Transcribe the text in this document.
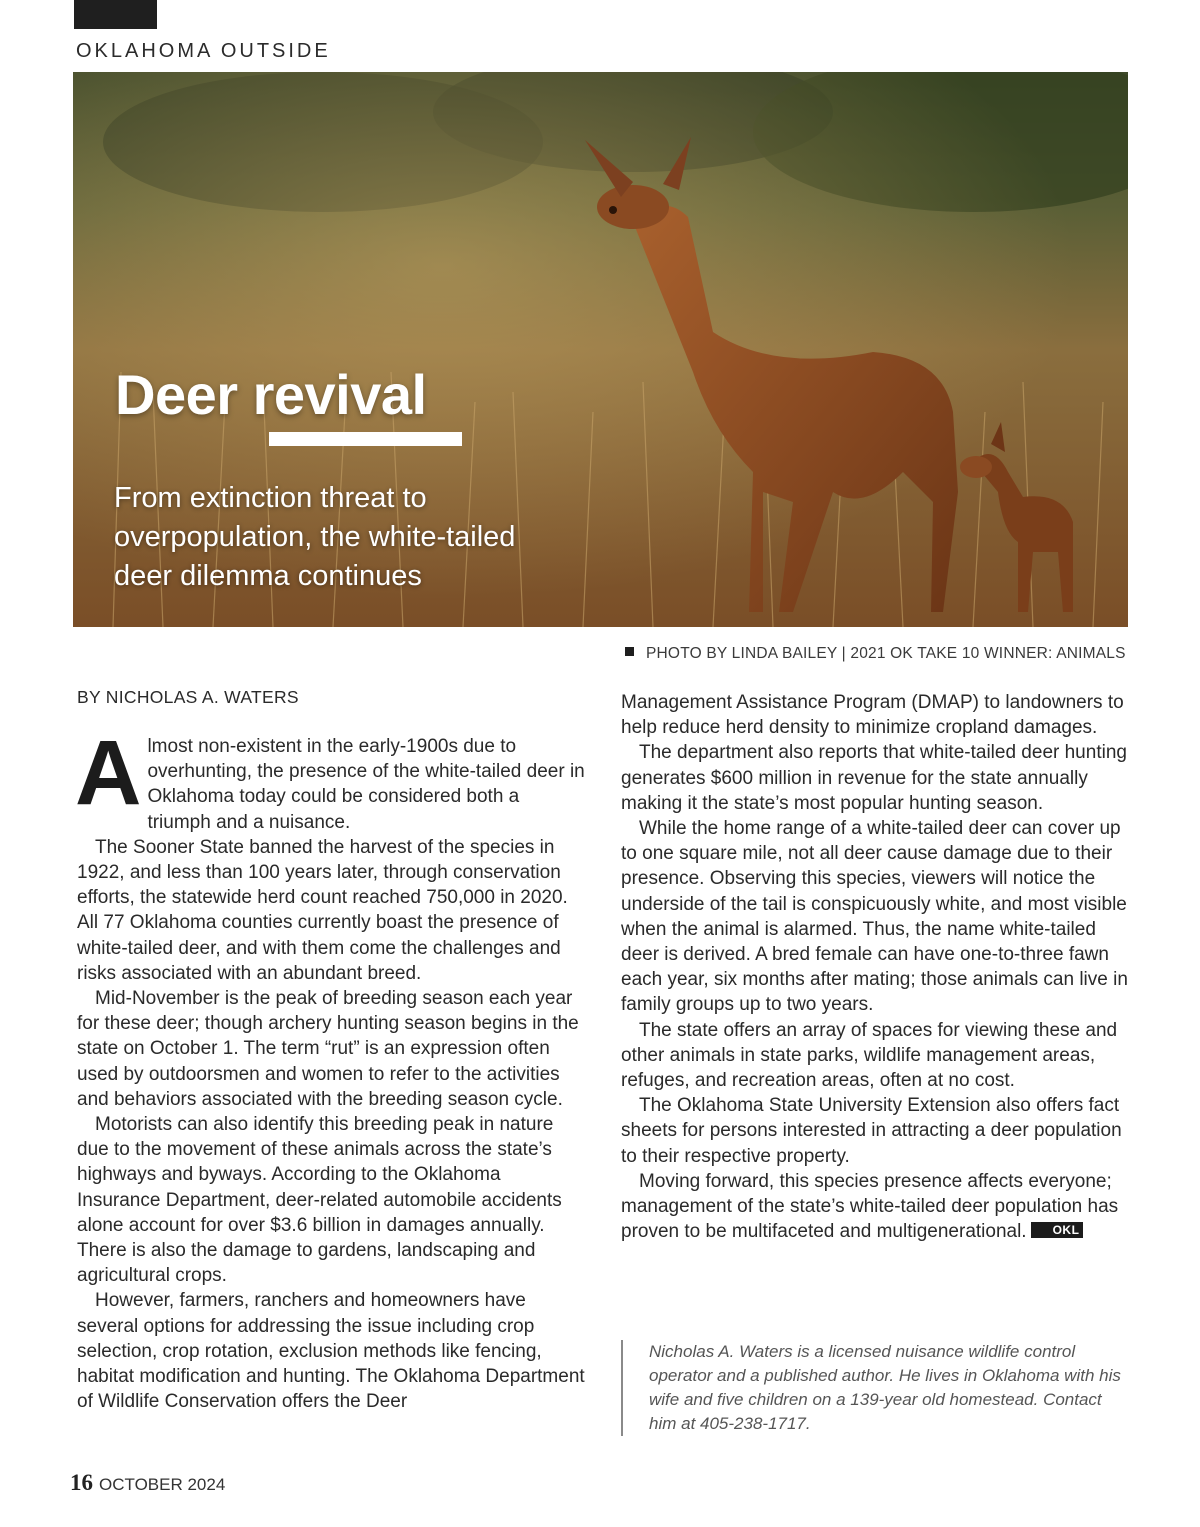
OKLAHOMA OUTSIDE
Deer revival
From extinction threat to overpopulation, the white-tailed deer dilemma continues
PHOTO BY LINDA BAILEY | 2021 OK TAKE 10 WINNER: ANIMALS
BY NICHOLAS A. WATERS

Almost non-existent in the early-1900s due to overhunting, the presence of the white-tailed deer in Oklahoma today could be considered both a triumph and a nuisance.

The Sooner State banned the harvest of the species in 1922, and less than 100 years later, through conservation efforts, the statewide herd count reached 750,000 in 2020. All 77 Oklahoma counties currently boast the presence of white-tailed deer, and with them come the challenges and risks associated with an abundant breed.

Mid-November is the peak of breeding season each year for these deer; though archery hunting season begins in the state on October 1. The term “rut” is an expression often used by outdoorsmen and women to refer to the activities and behaviors associated with the breeding season cycle.

Motorists can also identify this breeding peak in nature due to the movement of these animals across the state’s highways and byways. According to the Oklahoma Insurance Department, deer-related automobile accidents alone account for over $3.6 billion in damages annually. There is also the damage to gardens, landscaping and agricultural crops.

However, farmers, ranchers and homeowners have several options for addressing the issue including crop selection, crop rotation, exclusion methods like fencing, habitat modification and hunting. The Oklahoma Department of Wildlife Conservation offers the Deer

Management Assistance Program (DMAP) to landowners to help reduce herd density to minimize cropland damages.

The department also reports that white-tailed deer hunting generates $600 million in revenue for the state annually making it the state’s most popular hunting season.

While the home range of a white-tailed deer can cover up to one square mile, not all deer cause damage due to their presence. Observing this species, viewers will notice the underside of the tail is conspicuously white, and most visible when the animal is alarmed. Thus, the name white-tailed deer is derived. A bred female can have one-to-three fawn each year, six months after mating; those animals can live in family groups up to two years.

The state offers an array of spaces for viewing these and other animals in state parks, wildlife management areas, refuges, and recreation areas, often at no cost.

The Oklahoma State University Extension also offers fact sheets for persons interested in attracting a deer population to their respective property.

Moving forward, this species presence affects everyone; management of the state’s white-tailed deer population has proven to be multifaceted and multigenerational. OKL

Nicholas A. Waters is a licensed nuisance wildlife control operator and a published author. He lives in Oklahoma with his wife and five children on a 139-year old homestead. Contact him at 405-238-1717.

16 OCTOBER 2024
